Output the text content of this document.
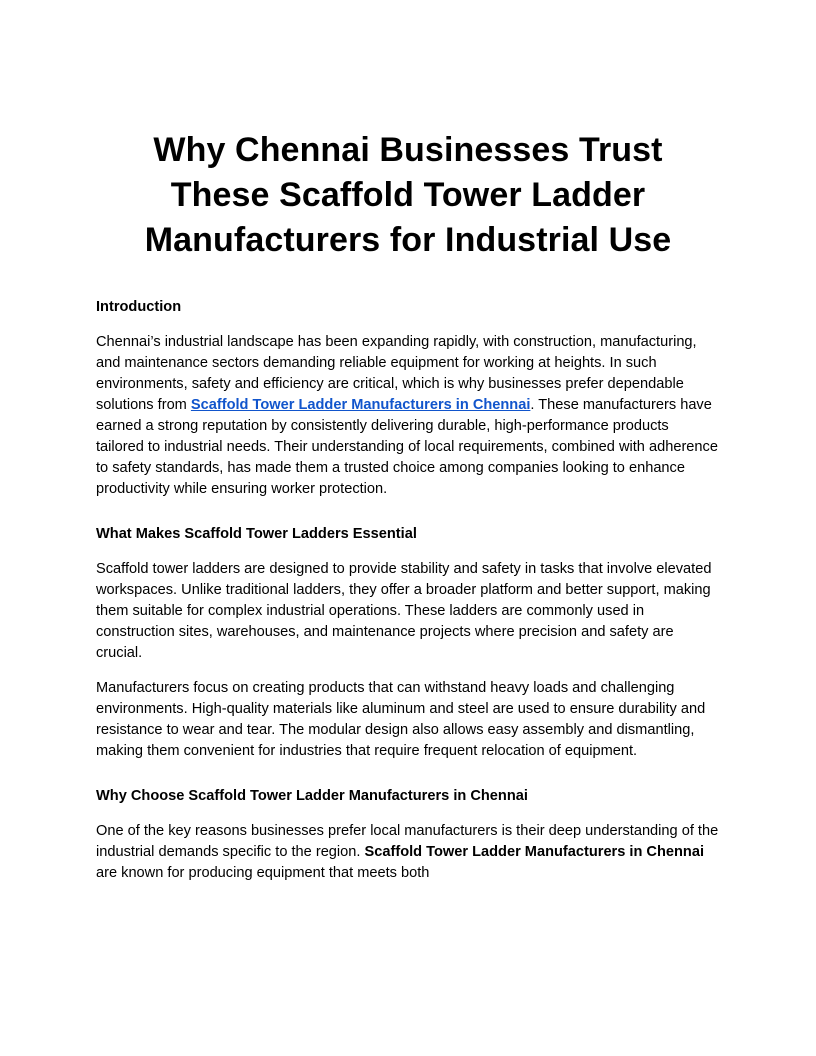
Why Chennai Businesses Trust These Scaffold Tower Ladder Manufacturers for Industrial Use
Introduction

Chennai’s industrial landscape has been expanding rapidly, with construction, manufacturing, and maintenance sectors demanding reliable equipment for working at heights. In such environments, safety and efficiency are critical, which is why businesses prefer dependable solutions from Scaffold Tower Ladder Manufacturers in Chennai. These manufacturers have earned a strong reputation by consistently delivering durable, high-performance products tailored to industrial needs. Their understanding of local requirements, combined with adherence to safety standards, has made them a trusted choice among companies looking to enhance productivity while ensuring worker protection.

What Makes Scaffold Tower Ladders Essential

Scaffold tower ladders are designed to provide stability and safety in tasks that involve elevated workspaces. Unlike traditional ladders, they offer a broader platform and better support, making them suitable for complex industrial operations. These ladders are commonly used in construction sites, warehouses, and maintenance projects where precision and safety are crucial.

Manufacturers focus on creating products that can withstand heavy loads and challenging environments. High-quality materials like aluminum and steel are used to ensure durability and resistance to wear and tear. The modular design also allows easy assembly and dismantling, making them convenient for industries that require frequent relocation of equipment.

Why Choose Scaffold Tower Ladder Manufacturers in Chennai

One of the key reasons businesses prefer local manufacturers is their deep understanding of the industrial demands specific to the region. Scaffold Tower Ladder Manufacturers in Chennai are known for producing equipment that meets both
